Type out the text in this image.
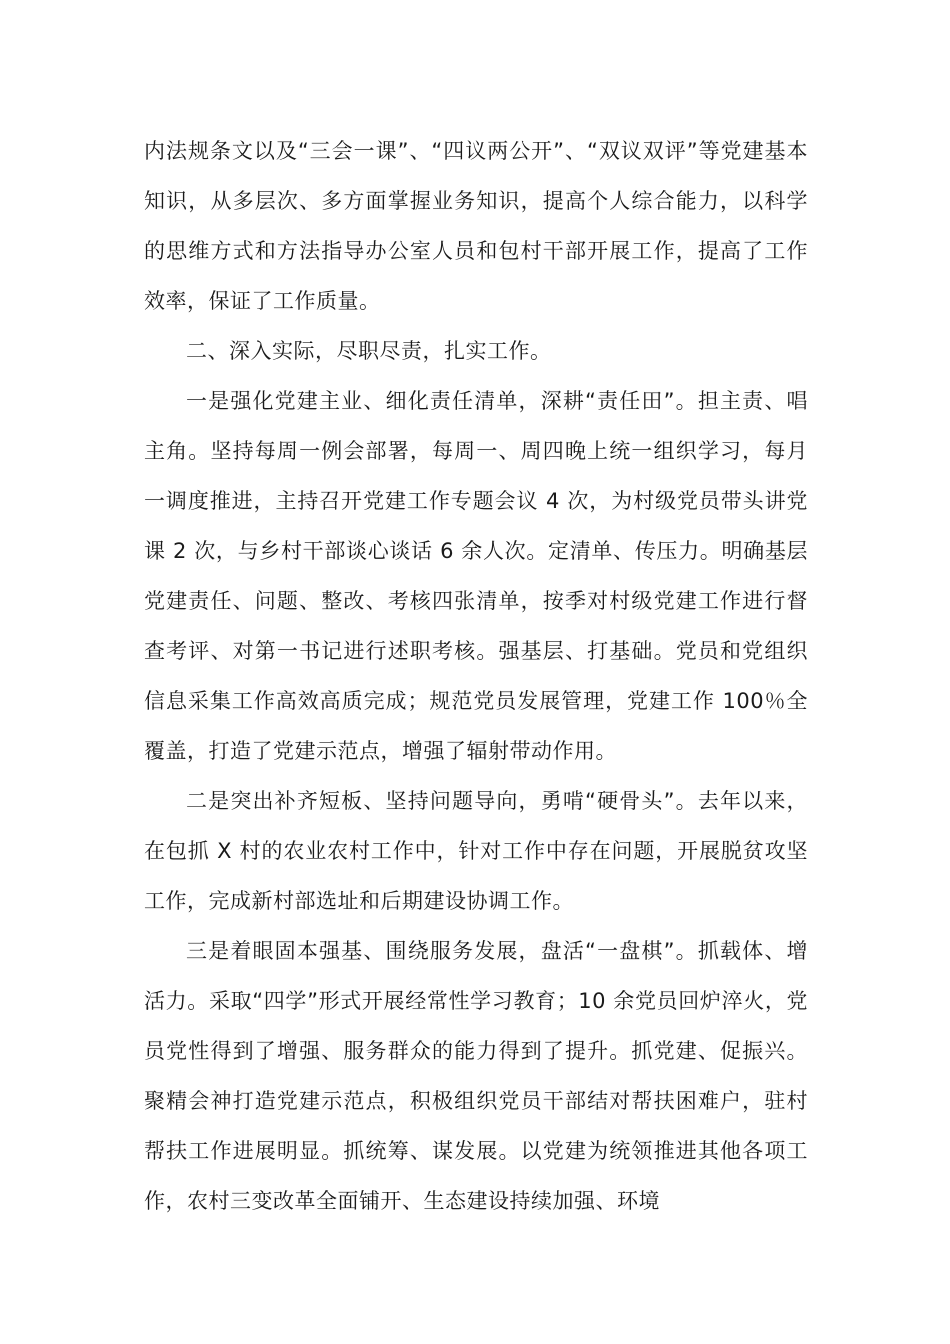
内法规条文以及“三会一课”、“四议两公开”、“双议双评”等党建基本知识，从多层次、多方面掌握业务知识，提高个人综合能力，以科学的思维方式和方法指导办公室人员和包村干部开展工作，提高了工作效率，保证了工作质量。

二、深入实际，尽职尽责，扎实工作。

一是强化党建主业、细化责任清单，深耕“责任田”。担主责、唱主角。坚持每周一例会部署，每周一、周四晚上统一组织学习，每月一调度推进，主持召开党建工作专题会议 4 次，为村级党员带头讲党课 2 次，与乡村干部谈心谈话 6 余人次。定清单、传压力。明确基层党建责任、问题、整改、考核四张清单，按季对村级党建工作进行督查考评、对第一书记进行述职考核。强基层、打基础。党员和党组织信息采集工作高效高质完成；规范党员发展管理，党建工作 100％全覆盖，打造了党建示范点，增强了辐射带动作用。

二是突出补齐短板、坚持问题导向，勇啃“硬骨头”。去年以来，在包抓 X 村的农业农村工作中，针对工作中存在问题，开展脱贫攻坚工作，完成新村部选址和后期建设协调工作。

三是着眼固本强基、围绕服务发展，盘活“一盘棋”。抓载体、增活力。采取“四学”形式开展经常性学习教育；10 余党员回炉淬火，党员党性得到了增强、服务群众的能力得到了提升。抓党建、促振兴。聚精会神打造党建示范点，积极组织党员干部结对帮扶困难户，驻村帮扶工作进展明显。抓统筹、谋发展。以党建为统领推进其他各项工作，农村三变改革全面铺开、生态建设持续加强、环境
